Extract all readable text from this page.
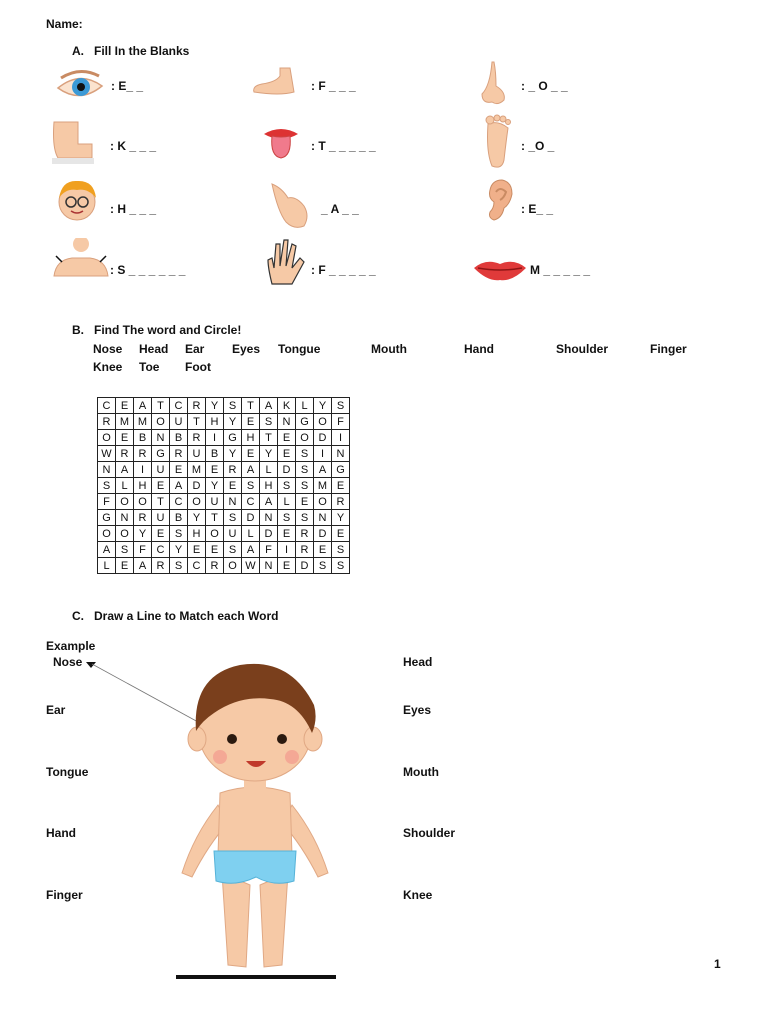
Name:
A.   Fill In the Blanks
: E_ _	: F _ _ _	: _ O _ _
: K _ _ _	: T _ _ _ _ _	: _O _
: H _ _ _	_ A _ _	: E_ _
: S _ _ _ _ _ _	: F _ _ _ _ _	M _ _ _ _ _
B.   Find The word and Circle!
Nose Head Ear Eyes Tongue	Mouth	Hand	Shoulder	Finger
Knee Toe Foot
C	E	A	T	C	R	Y	S	T	A	K	L	Y	S
R	M	M	O	U	T	H	Y	E	S	N	G	O	F
O	E	B	N	B	R	I	G	H	T	E	O	D	I
W	R	R	G	R	U	B	Y	E	Y	E	S	I	N
N	A	I	U	E	M	E	R	A	L	D	S	A	G
S	L	H	E	A	D	Y	E	S	H	S	S	M	E
F	O	O	T	C	O	U	N	C	A	L	E	O	R
G	N	R	U	B	Y	T	S	D	N	S	S	N	Y
O	O	Y	E	S	H	O	U	L	D	E	R	D	E
A	S	F	C	Y	E	E	S	A	F	I	R	E	S
L	E	A	R	S	C	R	O	W	N	E	D	S	S
C.   Draw a Line to Match each Word
Example
Nose
Ear
Tongue
Hand
Finger
Head
Eyes
Mouth
Shoulder
Knee
1
